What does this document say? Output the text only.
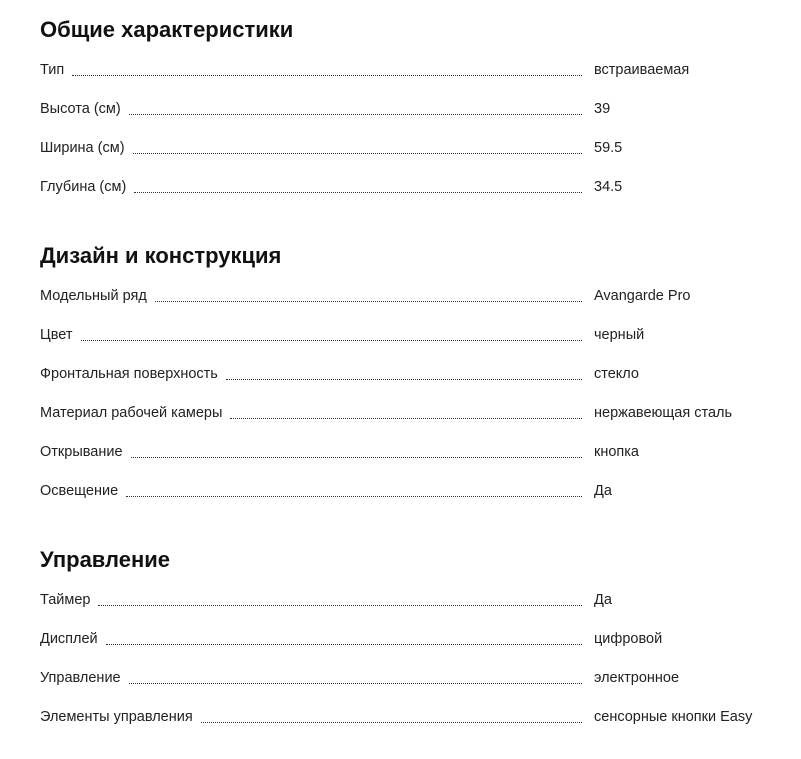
Общие характеристики
Тип	встраиваемая
Высота (см)	39
Ширина (см)	59.5
Глубина (см)	34.5
Дизайн и конструкция
Модельный ряд	Avangarde Pro
Цвет	черный
Фронтальная поверхность	стекло
Материал рабочей камеры	нержавеющая сталь
Открывание	кнопка
Освещение	Да
Управление
Таймер	Да
Дисплей	цифровой
Управление	электронное
Элементы управления	сенсорные кнопки Easy
